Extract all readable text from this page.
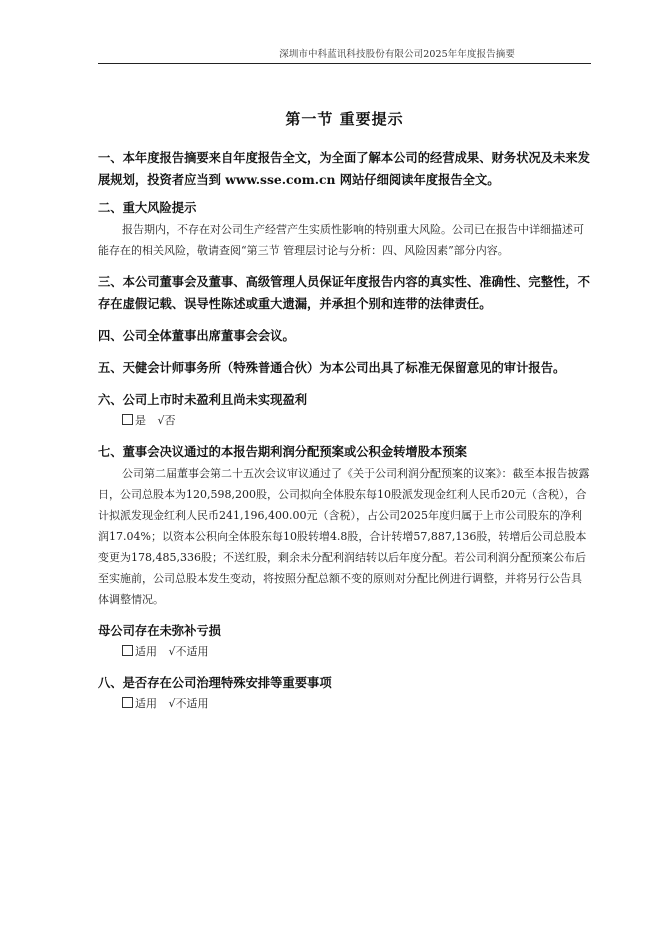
深圳市中科蓝讯科技股份有限公司2025年年度报告摘要
第一节 重要提示

一、本年度报告摘要来自年度报告全文，为全面了解本公司的经营成果、财务状况及未来发展规划，投资者应当到 www.sse.com.cn 网站仔细阅读年度报告全文。

二、重大风险提示

报告期内，不存在对公司生产经营产生实质性影响的特别重大风险。公司已在报告中详细描述可能存在的相关风险，敬请查阅“第三节 管理层讨论与分析：四、风险因素”部分内容。

三、本公司董事会及董事、高级管理人员保证年度报告内容的真实性、准确性、完整性，不存在虚假记载、误导性陈述或重大遗漏，并承担个别和连带的法律责任。

四、公司全体董事出席董事会会议。

五、天健会计师事务所（特殊普通合伙）为本公司出具了标准无保留意见的审计报告。

六、公司上市时未盈利且尚未实现盈利

是 √否

七、董事会决议通过的本报告期利润分配预案或公积金转增股本预案

公司第二届董事会第二十五次会议审议通过了《关于公司利润分配预案的议案》：截至本报告披露日，公司总股本为120,598,200股，公司拟向全体股东每10股派发现金红利人民币20元（含税），合计拟派发现金红利人民币241,196,400.00元（含税），占公司2025年度归属于上市公司股东的净利润17.04%；以资本公积向全体股东每10股转增4.8股，合计转增57,887,136股，转增后公司总股本变更为178,485,336股；不送红股，剩余未分配利润结转以后年度分配。若公司利润分配预案公布后至实施前，公司总股本发生变动，将按照分配总额不变的原则对分配比例进行调整，并将另行公告具体调整情况。

母公司存在未弥补亏损

适用 √不适用

八、是否存在公司治理特殊安排等重要事项

适用 √不适用
